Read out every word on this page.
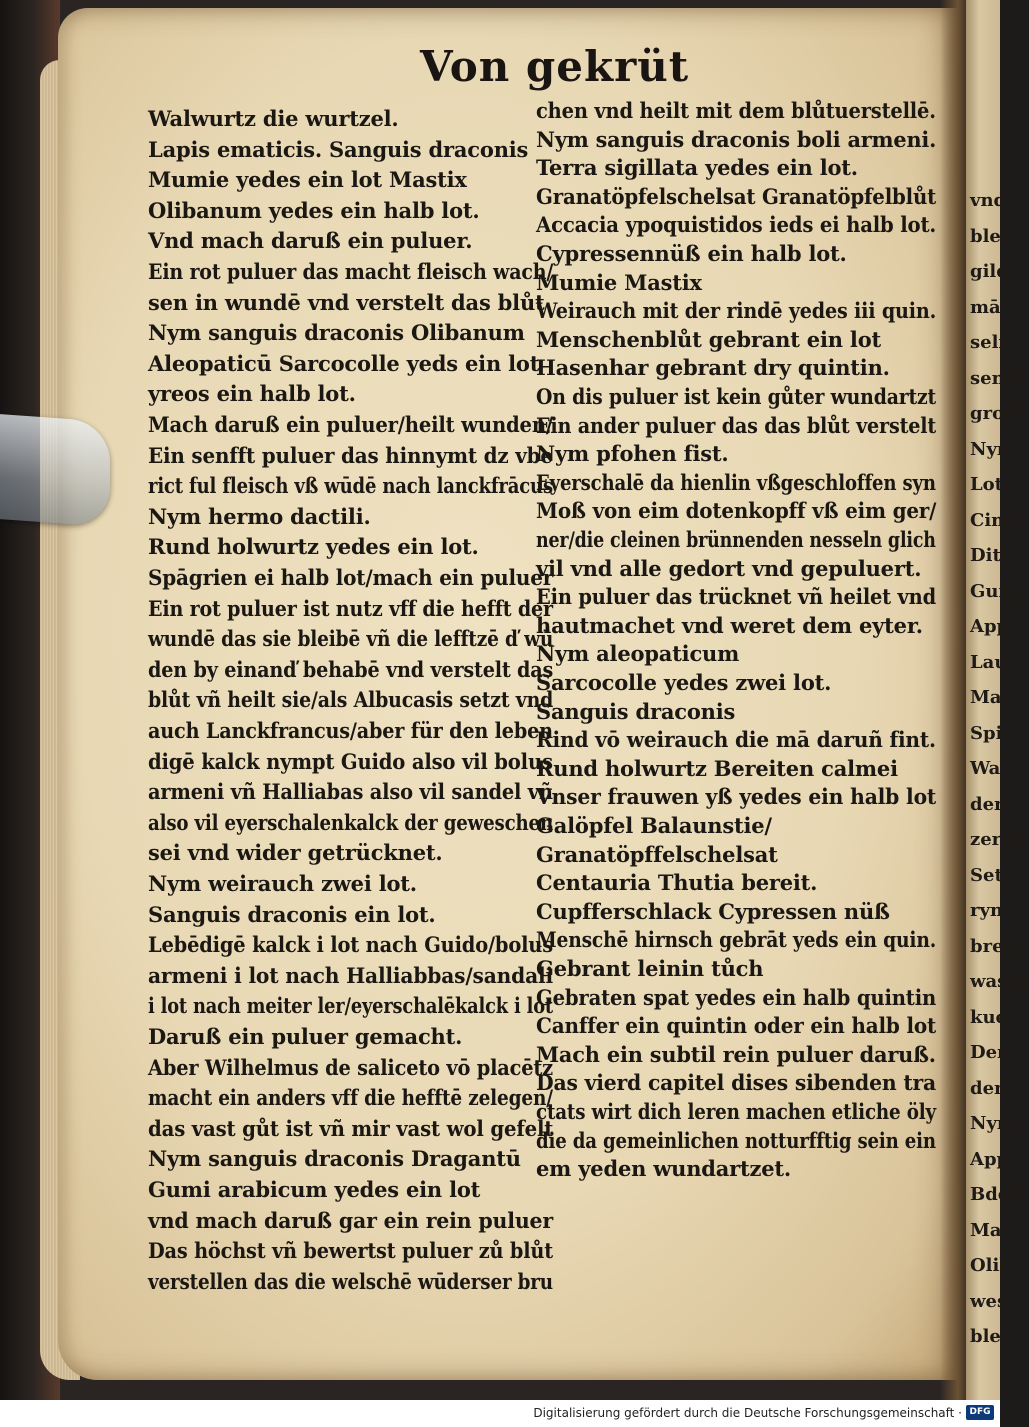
Von gekrüt
Walwurtz die wurtzel.
Lapis ematicis. Sanguis draconis
Mumie yedes ein lot Mastix
Olibanum yedes ein halb lot.
Vnd mach daruß ein puluer.
Ein rot puluer das macht fleisch wach/
sen in wundē vnd verstelt das blůt
Nym sanguis draconis Olibanum
Aleopaticū Sarcocolle yeds ein lot
yreos ein halb lot.
Mach daruß ein puluer/heilt wunden/
Ein senfft puluer das hinnymt dz vbe
rict ful fleisch vß wūdē nach lanckfrācus
Nym hermo dactili.
Rund holwurtz yedes ein lot.
Spāgrien ei halb lot/mach ein puluer
Ein rot puluer ist nutz vff die hefft der
wundē das sie bleibē vñ die lefftzē ď wū
den by einanď behabē vnd verstelt das
blůt vñ heilt sie/als Albucasis setzt vnd
auch Lanckfrancus/aber für den leben
digē kalck nympt Guido also vil bolus
armeni vñ Halliabas also vil sandel vñ
also vil eyerschalenkalck der geweschen
sei vnd wider getrücknet.
Nym weirauch zwei lot.
Sanguis draconis ein lot.
Lebēdigē kalck i lot nach Guido/bolus
armeni i lot nach Halliabbas/sandali
i lot nach meiter ler/eyerschalēkalck i lot
Daruß ein puluer gemacht.
Aber Wilhelmus de saliceto vō placētz
macht ein anders vff die hefftē zelegen/
das vast gůt ist vñ mir vast wol gefelt
Nym sanguis draconis Dragantū
Gumi arabicum yedes ein lot
vnd mach daruß gar ein rein puluer
Das höchst vñ bewertst puluer zů blůt
verstellen das die welschē wūderser bru
chen vnd heilt mit dem blůtuerstellē.
Nym sanguis draconis boli armeni.
Terra sigillata yedes ein lot.
Granatöpfelschelsat Granatöpfelblůt
Accacia ypoquistidos ieds ei halb lot.
Cypressennüß ein halb lot.
Mumie Mastix
Weirauch mit der rindē yedes iii quin.
Menschenblůt gebrant ein lot
Hasenhar gebrant dry quintin.
On dis puluer ist kein gůter wundartzt
Ein ander puluer das das blůt verstelt
Nym pfohen fist.
Eyerschalē da hienlin vßgeschloffen syn
Moß von eim dotenkopff vß eim ger/
ner/die cleinen brünnenden nesseln glich
vil vnd alle gedort vnd gepuluert.
Ein puluer das trücknet vñ heilet vnd
hautmachet vnd weret dem eyter.
Nym aleopaticum
Sarcocolle yedes zwei lot.
Sanguis draconis
Rind vō weirauch die mā daruñ fint.
Rund holwurtz Bereiten calmei
Vnser frauwen yß yedes ein halb lot
Galöpfel Balaunstie/
Granatöpffelschelsat
Centauria Thutia bereit.
Cupfferschlack Cypressen nüß
Menschē hirnsch gebrāt yeds ein quin.
Gebrant leinin tůch
Gebraten spat yedes ein halb quintin
Canffer ein quintin oder ein halb lot
Mach ein subtil rein puluer daruß.
Das vierd capitel dises sibenden tra
ctats wirt dich leren machen etliche öly
die da gemeinlichen notturfftig sein ein
em yeden wundartzet.
vnd
blei
gild
mā
seln
send
groß
Nym
Lots
Cina
Ditt
Gum
App
Lau
Mas
Spic
Was
den
zerst
Set
ryn
bren
wasse
kue
Den
den
Nym
App
Bdell
Mas
Olib
wes
blei
Digitalisierung gefördert durch die Deutsche Forschungsgemeinschaft · DFG
